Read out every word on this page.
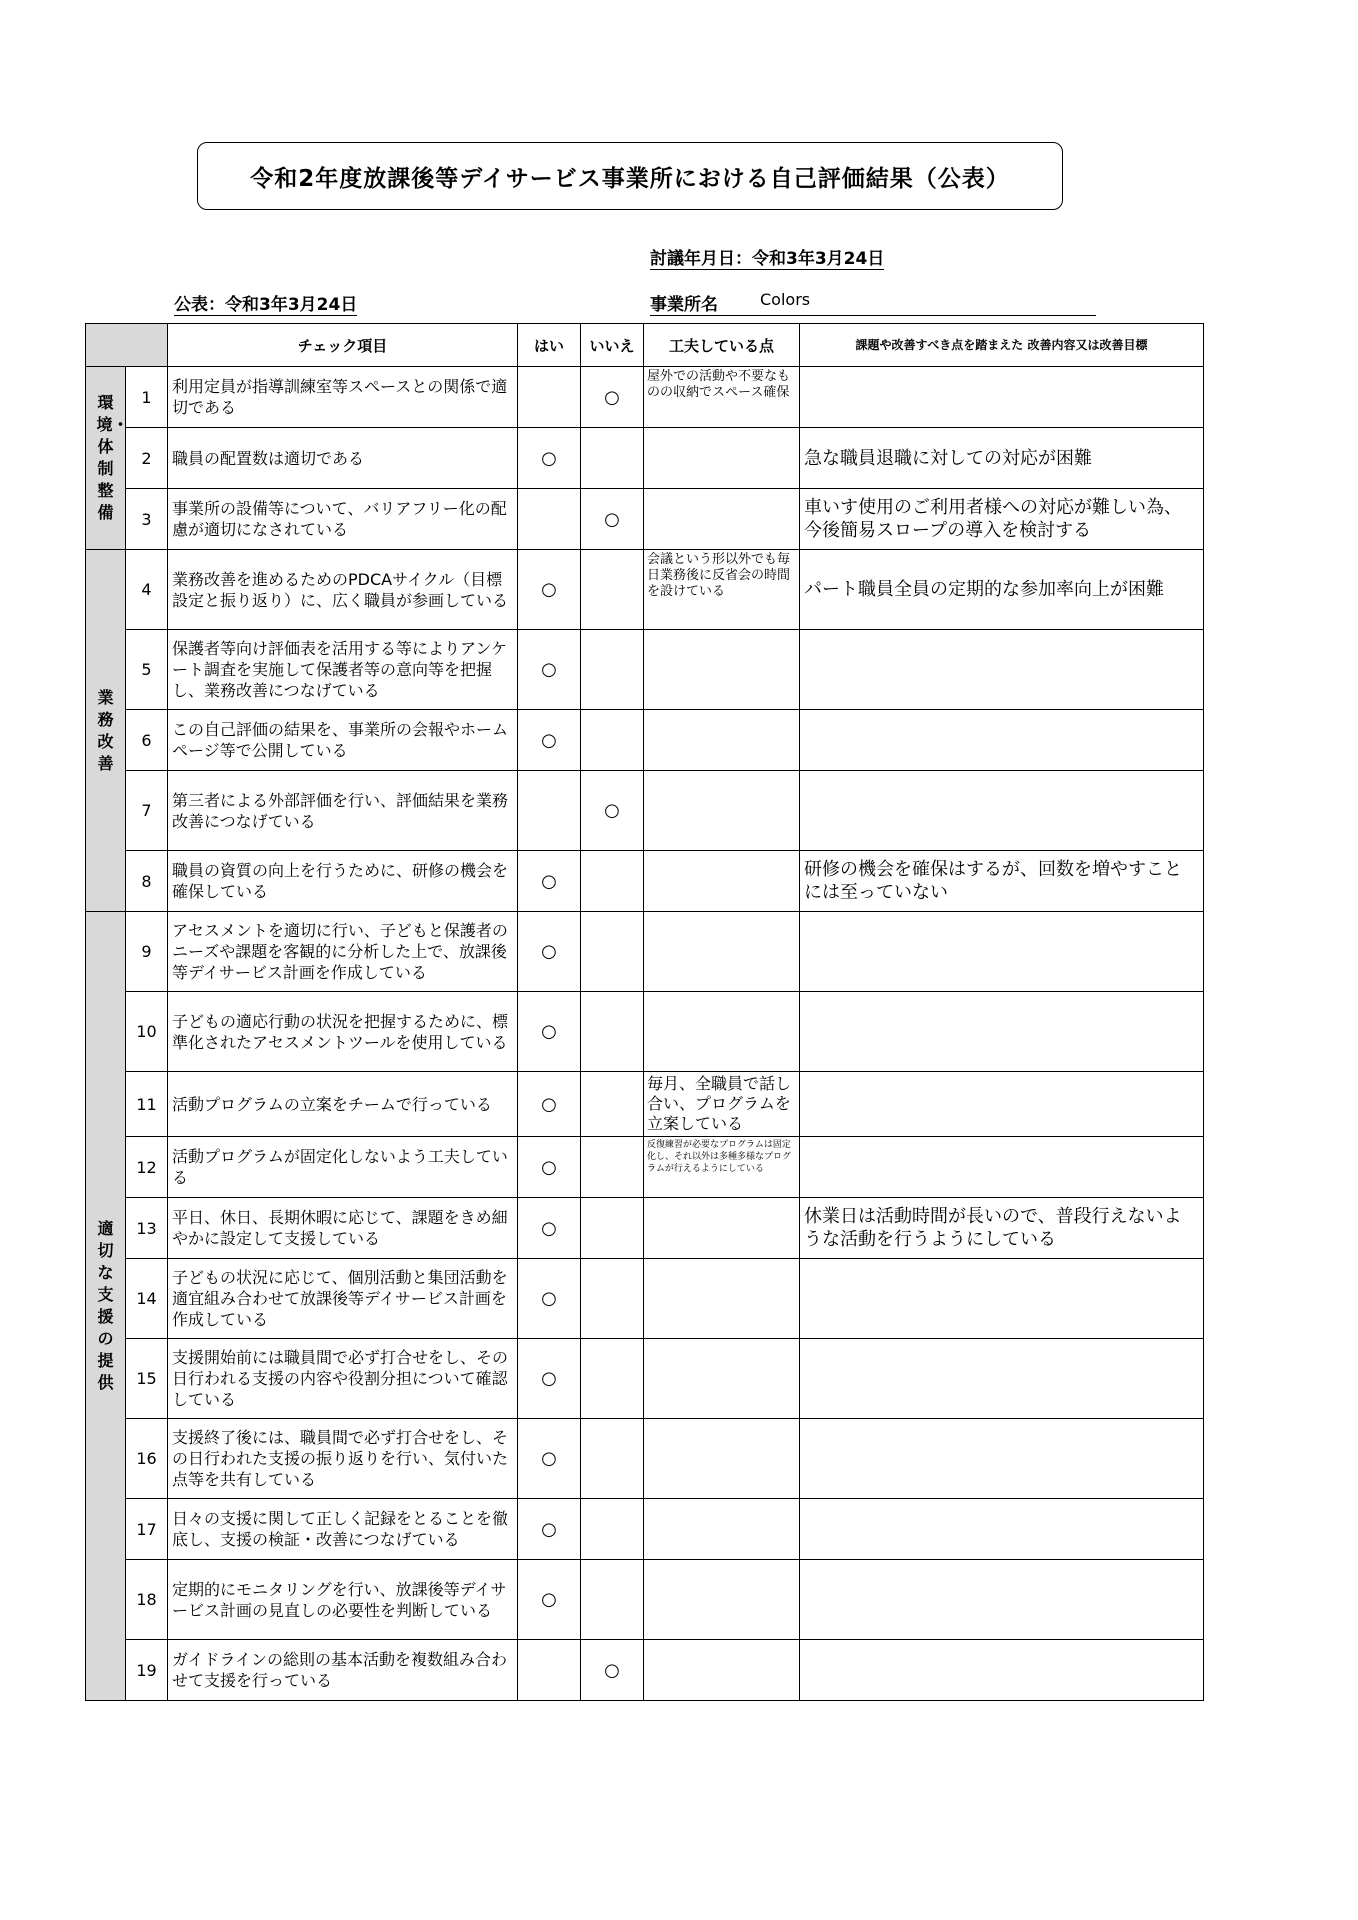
令和2年度放課後等デイサービス事業所における自己評価結果（公表）
討議年月日：令和3年3月24日
公表：令和3年3月24日	事業所名	Colors
		チェック項目	はい	いいえ	工夫している点	課題や改善すべき点を踏まえた 改善内容又は改善目標
環境・体制整備	1	利用定員が指導訓練室等スペースとの関係で適切である		○	屋外での活動や不要なものの収納でスペース確保	
	2	職員の配置数は適切である	○			急な職員退職に対しての対応が困難
	3	事業所の設備等について、バリアフリー化の配慮が適切になされている		○		車いす使用のご利用者様への対応が難しい為、今後簡易スロープの導入を検討する
業務改善	4	業務改善を進めるためのPDCAサイクル（目標設定と振り返り）に、広く職員が参画している	○		会議という形以外でも毎日業務後に反省会の時間を設けている	パート職員全員の定期的な参加率向上が困難
	5	保護者等向け評価表を活用する等によりアンケート調査を実施して保護者等の意向等を把握し、業務改善につなげている	○			
	6	この自己評価の結果を、事業所の会報やホームページ等で公開している	○			
	7	第三者による外部評価を行い、評価結果を業務改善につなげている		○		
	8	職員の資質の向上を行うために、研修の機会を確保している	○			研修の機会を確保はするが、回数を増やすことには至っていない
適切な支援の提供	9	アセスメントを適切に行い、子どもと保護者のニーズや課題を客観的に分析した上で、放課後等デイサービス計画を作成している	○			
	10	子どもの適応行動の状況を把握するために、標準化されたアセスメントツールを使用している	○			
	11	活動プログラムの立案をチームで行っている	○		毎月、全職員で話し合い、プログラムを立案している	
	12	活動プログラムが固定化しないよう工夫している	○		反復練習が必要なプログラムは固定化し、それ以外は多種多様なプログラムが行えるようにしている	
	13	平日、休日、長期休暇に応じて、課題をきめ細やかに設定して支援している	○			休業日は活動時間が長いので、普段行えないような活動を行うようにしている
	14	子どもの状況に応じて、個別活動と集団活動を適宜組み合わせて放課後等デイサービス計画を作成している	○			
	15	支援開始前には職員間で必ず打合せをし、その日行われる支援の内容や役割分担について確認している	○			
	16	支援終了後には、職員間で必ず打合せをし、その日行われた支援の振り返りを行い、気付いた点等を共有している	○			
	17	日々の支援に関して正しく記録をとることを徹底し、支援の検証・改善につなげている	○			
	18	定期的にモニタリングを行い、放課後等デイサービス計画の見直しの必要性を判断している	○			
	19	ガイドラインの総則の基本活動を複数組み合わせて支援を行っている		○		
